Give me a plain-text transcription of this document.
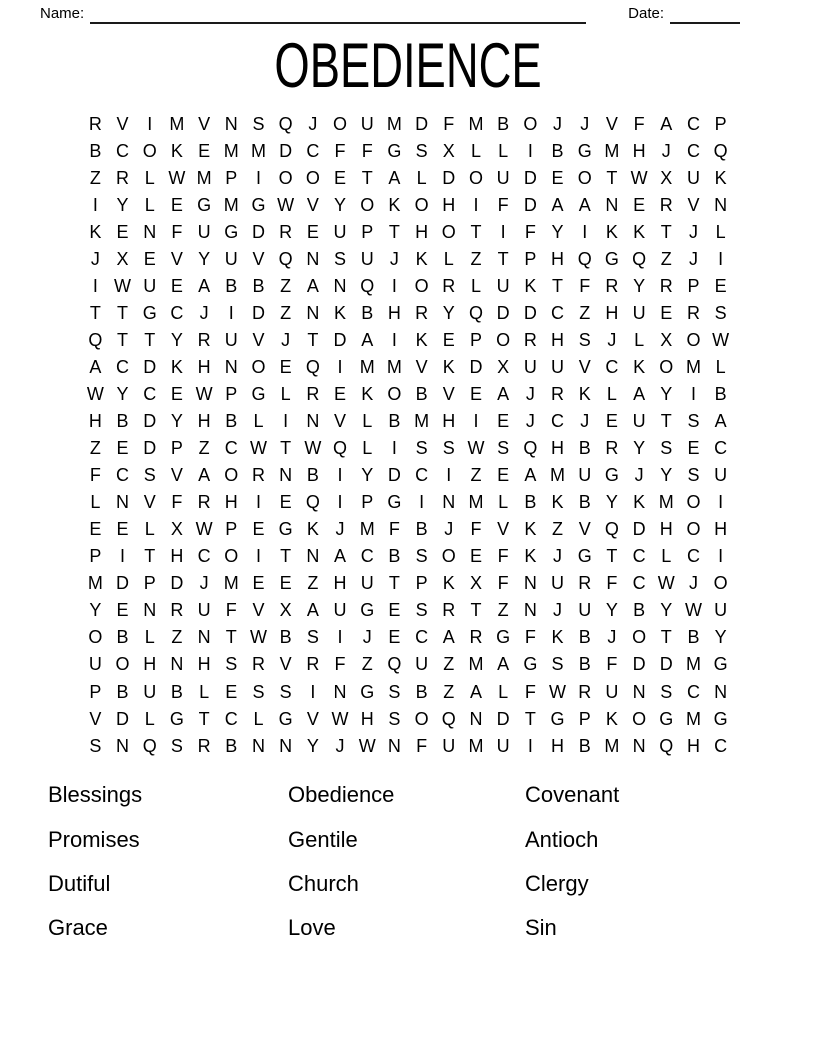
Name:	Date:
OBEDIENCE
R V	I M V N S Q J O U M D F M B O J	J V F A C P
B C O K E M M D C F F G S X L L	I	B G M H J C Q
Z R L W M P	I O O E T A L D O U D E O T W X U K
I	Y L E G M G W V Y O K O H	I	F D A A N E R V N
K E N F U G D R E U P T H O T	I	F Y	I	K K T J L
J X E V Y U V Q N S U J K L Z T P H Q G Q Z J	I
I W U E A B B Z A N Q I O R L U K T F R Y R P E
T T G C J	I	D Z N K B H R Y Q D D C Z H U E R S
Q T T Y R U V J T D A	I	K E P O R H S J L X O W
A C D K H N O E Q I M M V K D X U U V C K O M L
W Y C E W P G L R E K O B V E A J R K L A Y	I	B
H B D Y H B L	I	N V L B M H	I	E J C J E U T S A
Z E D P Z C W T W Q L	I	S S W S Q H B R Y S E C
F C S V A O R N B	I	Y D C	I	Z E A M U G J Y S U
L N V F R H	I	E Q I	P G I	N M L B K B Y K M O I
E E L X W P E G K J M F B J F V K Z V Q D H O H
P	I	T H C O I	T N A C B S O E F K J G T C L C	I
M D P D J M E E Z H U T P K X F N U R F C W J O
Y E N R U F V X A U G E S R T Z N J U Y B Y W U
O B L Z N T W B S	I	J E C A R G F K B J O T B Y
U O H N H S R V R F Z Q U Z M A G S B F D D M G
P B U B L E S S	I	N G S B Z A L F W R U N S C N
V D L G T C L G V W H S O Q N D T G P K O G M G
S N Q S R B N N Y J W N F U M U	I	H B M N Q H C
Blessings	Obedience	Covenant
Promises	Gentile	Antioch
Dutiful	Church	Clergy
Grace	Love	Sin
